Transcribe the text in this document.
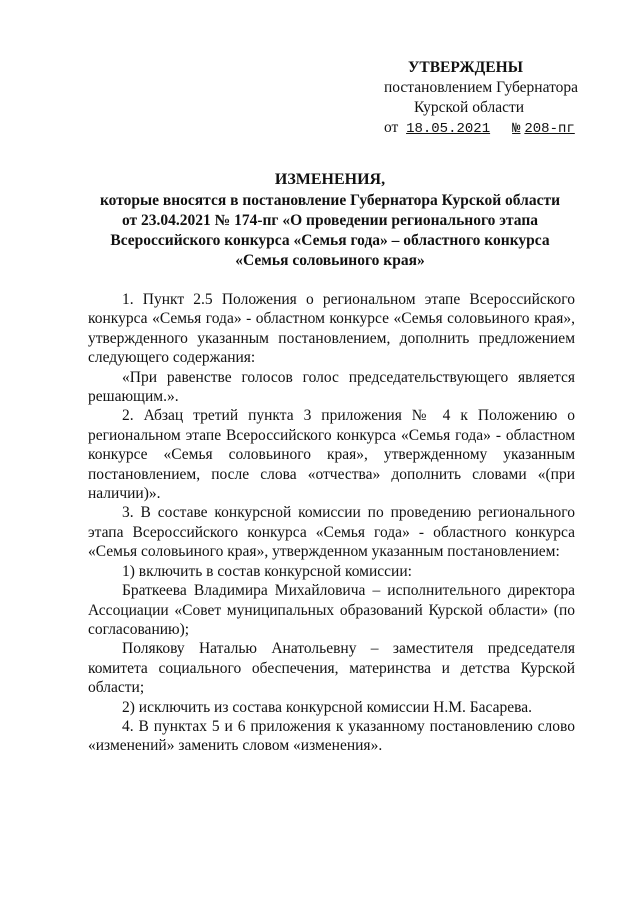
УТВЕРЖДЕНЫ
постановлением Губернатора
Курской области
от 18.05.2021 № 208-пг
ИЗМЕНЕНИЯ,
которые вносятся в постановление Губернатора Курской области
от 23.04.2021 № 174-пг «О проведении регионального этапа
Всероссийского конкурса «Семья года» – областного конкурса
«Семья соловьиного края»
1. Пункт 2.5 Положения о региональном этапе Всероссийского
конкурса «Семья года» - областном конкурсе «Семья соловьиного края»,
утвержденного указанным постановлением, дополнить предложением
следующего содержания:
«При равенстве голосов голос председательствующего является
решающим.».
2. Абзац третий пункта 3 приложения № 4 к Положению о
региональном этапе Всероссийского конкурса «Семья года» - областном
конкурсе «Семья соловьиного края», утвержденному указанным
постановлением, после слова «отчества» дополнить словами «(при
наличии)».
3. В составе конкурсной комиссии по проведению регионального
этапа Всероссийского конкурса «Семья года» - областного конкурса
«Семья соловьиного края», утвержденном указанным постановлением:
1) включить в состав конкурсной комиссии:
Браткеева Владимира Михайловича – исполнительного директора
Ассоциации «Совет муниципальных образований Курской области» (по
согласованию);
Полякову Наталью Анатольевну – заместителя председателя
комитета социального обеспечения, материнства и детства Курской
области;
2) исключить из состава конкурсной комиссии Н.М. Басарева.
4. В пунктах 5 и 6 приложения к указанному постановлению слово
«изменений» заменить словом «изменения».
